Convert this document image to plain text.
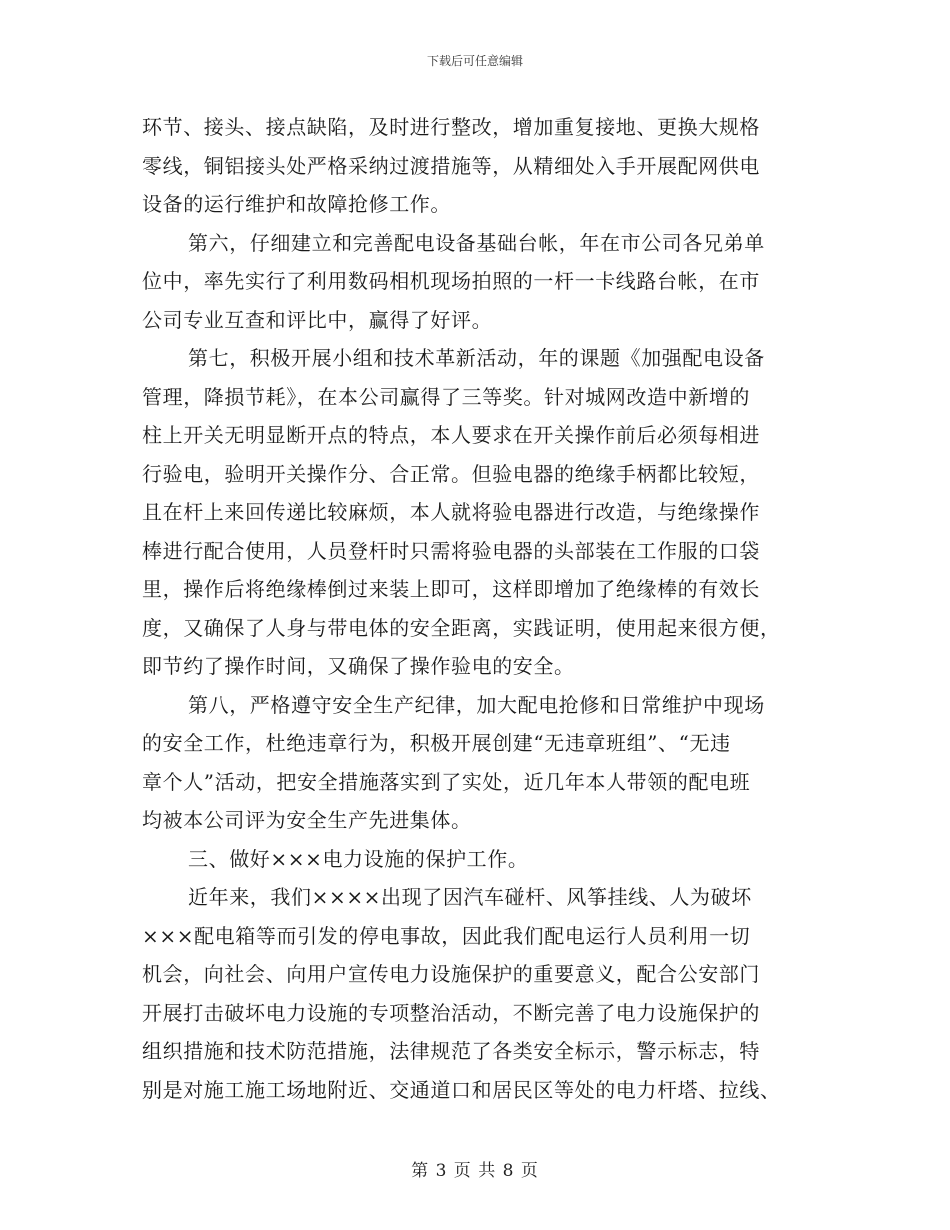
下载后可任意编辑
环节、接头、接点缺陷，及时进行整改，增加重复接地、更换大规格
零线，铜铝接头处严格采纳过渡措施等，从精细处入手开展配网供电
设备的运行维护和故障抢修工作。
第六，仔细建立和完善配电设备基础台帐，年在市公司各兄弟单
位中，率先实行了利用数码相机现场拍照的一杆一卡线路台帐，在市
公司专业互查和评比中，赢得了好评。
第七，积极开展小组和技术革新活动，年的课题《加强配电设备
管理，降损节耗》，在本公司赢得了三等奖。针对城网改造中新增的
柱上开关无明显断开点的特点，本人要求在开关操作前后必须每相进
行验电，验明开关操作分、合正常。但验电器的绝缘手柄都比较短，
且在杆上来回传递比较麻烦，本人就将验电器进行改造，与绝缘操作
棒进行配合使用，人员登杆时只需将验电器的头部装在工作服的口袋
里，操作后将绝缘棒倒过来装上即可，这样即增加了绝缘棒的有效长
度，又确保了人身与带电体的安全距离，实践证明，使用起来很方便，
即节约了操作时间，又确保了操作验电的安全。
第八，严格遵守安全生产纪律，加大配电抢修和日常维护中现场
的安全工作，杜绝违章行为，积极开展创建“无违章班组”、“无违
章个人”活动，把安全措施落实到了实处，近几年本人带领的配电班
均被本公司评为安全生产先进集体。
三、做好×××电力设施的保护工作。
近年来，我们××××出现了因汽车碰杆、风筝挂线、人为破坏
×××配电箱等而引发的停电事故，因此我们配电运行人员利用一切
机会，向社会、向用户宣传电力设施保护的重要意义，配合公安部门
开展打击破坏电力设施的专项整治活动，不断完善了电力设施保护的
组织措施和技术防范措施，法律规范了各类安全标示，警示标志，特
别是对施工施工场地附近、交通道口和居民区等处的电力杆塔、拉线、
第 3 页 共 8 页
